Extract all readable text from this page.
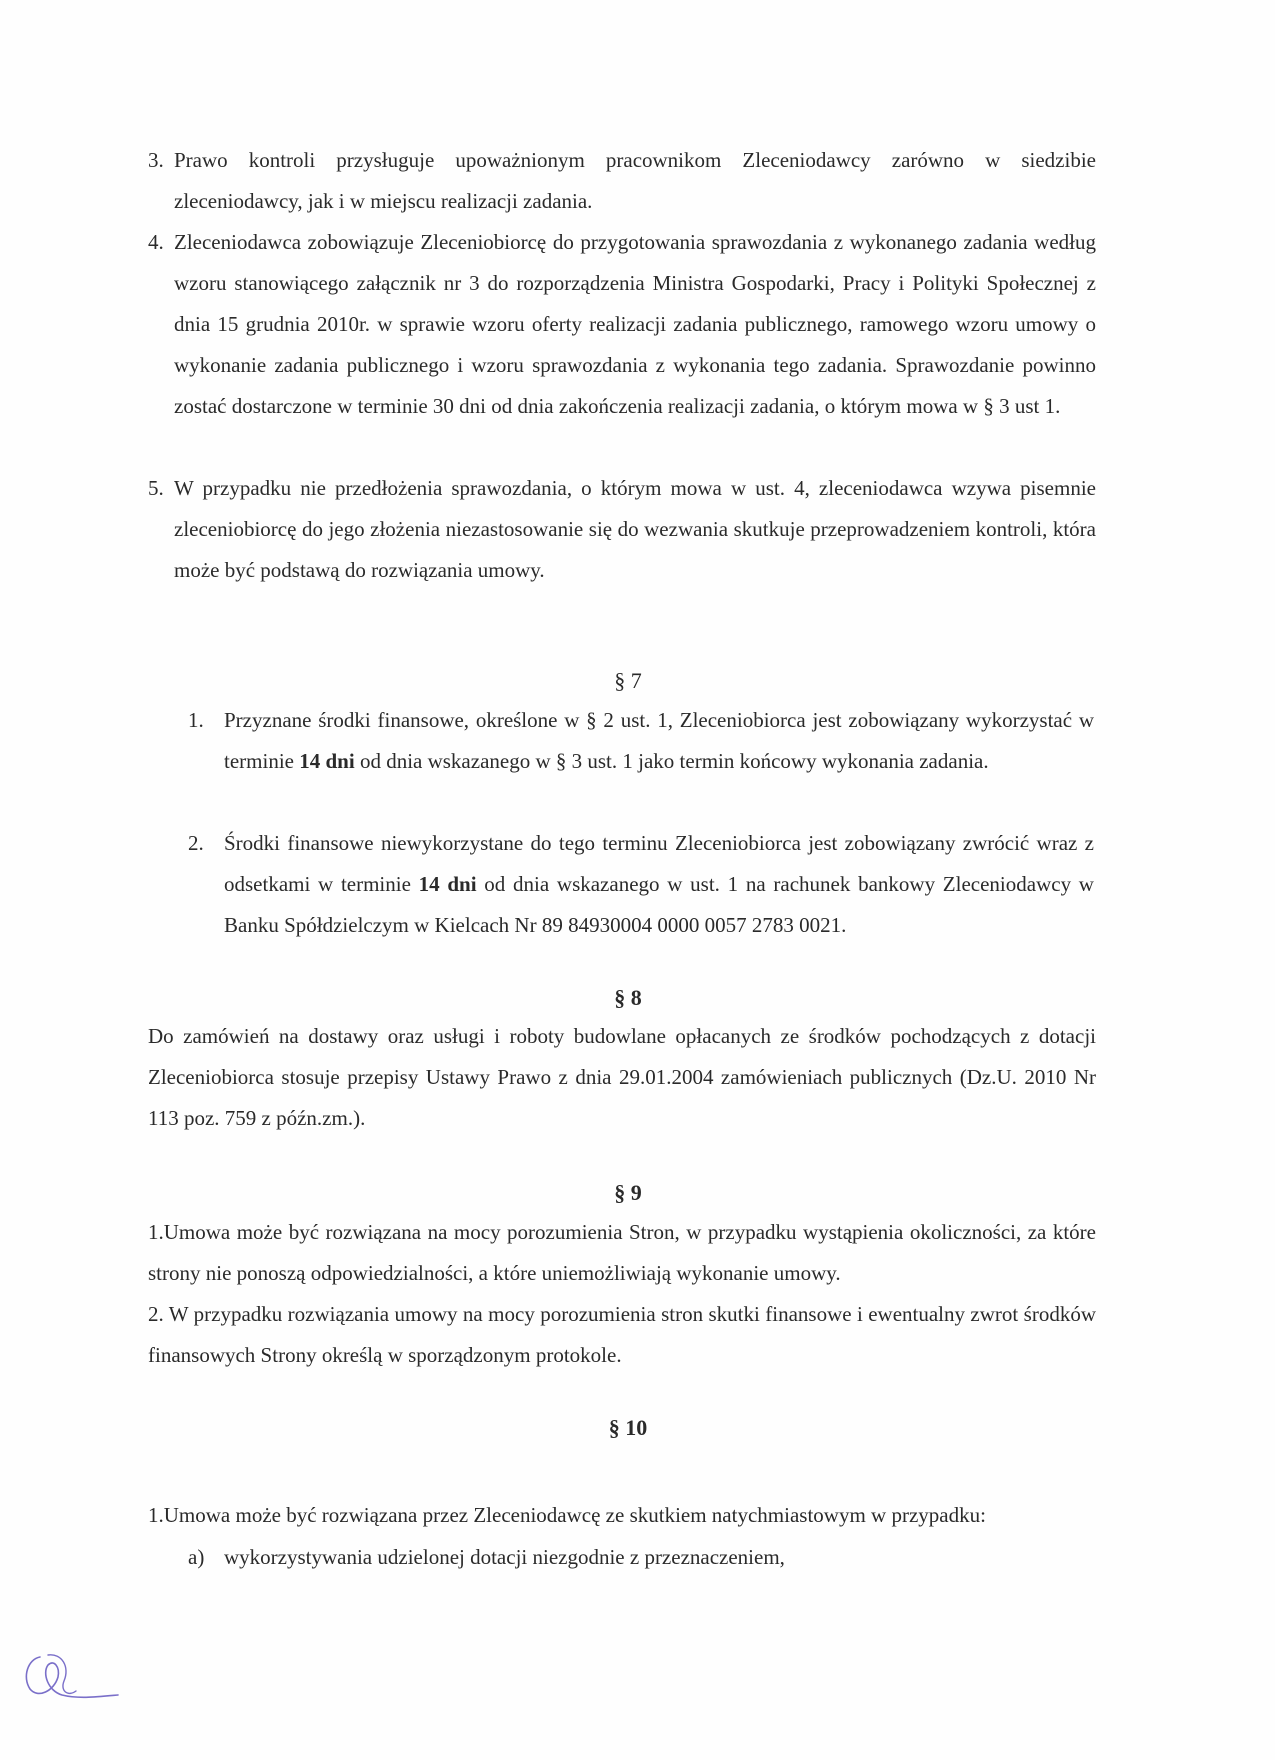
3. Prawo kontroli przysługuje upoważnionym pracownikom Zleceniodawcy zarówno w siedzibie zleceniodawcy, jak i w miejscu realizacji zadania.
4. Zleceniodawca zobowiązuje Zleceniobiorcę do przygotowania sprawozdania z wykonanego zadania według wzoru stanowiącego załącznik nr 3 do rozporządzenia Ministra Gospodarki, Pracy i Polityki Społecznej z dnia 15 grudnia 2010r. w sprawie wzoru oferty realizacji zadania publicznego, ramowego wzoru umowy o wykonanie zadania publicznego i wzoru sprawozdania z wykonania tego zadania. Sprawozdanie powinno zostać dostarczone w terminie 30 dni od dnia zakończenia realizacji zadania, o którym mowa w § 3 ust 1.
5. W przypadku nie przedłożenia sprawozdania, o którym mowa w ust. 4, zleceniodawca wzywa pisemnie zleceniobiorcę do jego złożenia niezastosowanie się do wezwania skutkuje przeprowadzeniem kontroli, która może być podstawą do rozwiązania umowy.
§ 7
1. Przyznane środki finansowe, określone w § 2 ust. 1, Zleceniobiorca jest zobowiązany wykorzystać w terminie 14 dni od dnia wskazanego w § 3 ust. 1 jako termin końcowy wykonania zadania.
2. Środki finansowe niewykorzystane do tego terminu Zleceniobiorca jest zobowiązany zwrócić wraz z odsetkami w terminie 14 dni od dnia wskazanego w ust. 1 na rachunek bankowy Zleceniodawcy w Banku Spółdzielczym w Kielcach Nr 89 84930004 0000 0057 2783 0021.
§ 8
Do zamówień na dostawy oraz usługi i roboty budowlane opłacanych ze środków pochodzących z dotacji Zleceniobiorca stosuje przepisy Ustawy Prawo z dnia 29.01.2004 zamówieniach publicznych (Dz.U. 2010 Nr 113 poz. 759 z późn.zm.).
§ 9
1.Umowa może być rozwiązana na mocy porozumienia Stron, w przypadku wystąpienia okoliczności, za które strony nie ponoszą odpowiedzialności, a które uniemożliwiają wykonanie umowy.
2. W przypadku rozwiązania umowy na mocy porozumienia stron skutki finansowe i ewentualny zwrot środków finansowych Strony określą w sporządzonym protokole.
§ 10
1.Umowa może być rozwiązana przez Zleceniodawcę ze skutkiem natychmiastowym w przypadku:
a) wykorzystywania udzielonej dotacji niezgodnie z przeznaczeniem,
